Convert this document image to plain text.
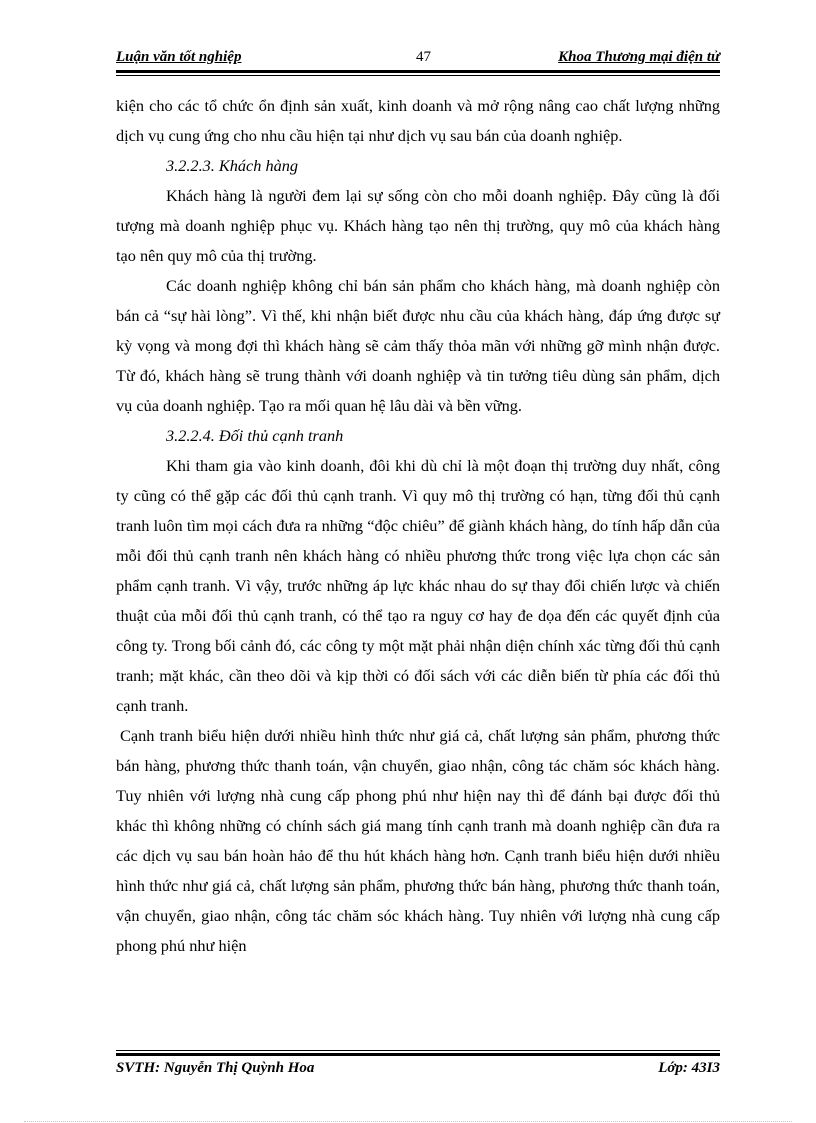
Luận văn tốt nghiệp	47	Khoa Thương mại điện tử

kiện cho các tổ chức ổn định sản xuất, kinh doanh và mở rộng nâng cao chất lượng những dịch vụ cung ứng cho nhu cầu hiện tại như dịch vụ sau bán của doanh nghiệp.

3.2.2.3. Khách hàng

Khách hàng là người đem lại sự sống còn cho mỗi doanh nghiệp. Đây cũng là đối tượng mà doanh nghiệp phục vụ. Khách hàng tạo nên thị trường, quy mô của khách hàng tạo nên quy mô của thị trường.

Các doanh nghiệp không chỉ bán sản phẩm cho khách hàng, mà doanh nghiệp còn bán cả “sự hài lòng”. Vì thế, khi nhận biết được nhu cầu của khách hàng, đáp ứng được sự kỳ vọng và mong đợi thì khách hàng sẽ cảm thấy thỏa mãn với những gỡ mình nhận được. Từ đó, khách hàng sẽ trung thành với doanh nghiệp và tin tưởng tiêu dùng sản phẩm, dịch vụ của doanh nghiệp. Tạo ra mối quan hệ lâu dài và bền vững.

3.2.2.4. Đối thủ cạnh tranh

Khi tham gia vào kinh doanh, đôi khi dù chỉ là một đoạn thị trường duy nhất, công ty cũng có thể gặp các đối thủ cạnh tranh. Vì quy mô thị trường có hạn, từng đối thủ cạnh tranh luôn tìm mọi cách đưa ra những “độc chiêu” để giành khách hàng, do tính hấp dẫn của mỗi đối thủ cạnh tranh nên khách hàng có nhiều phương thức trong việc lựa chọn các sản phẩm cạnh tranh. Vì vậy, trước những áp lực khác nhau do sự thay đổi chiến lược và chiến thuật của mỗi đối thủ cạnh tranh, có thể tạo ra nguy cơ hay đe dọa đến các quyết định của công ty. Trong bối cảnh đó, các công ty một mặt phải nhận diện chính xác từng đối thủ cạnh tranh; mặt khác, cần theo dõi và kịp thời có đối sách với các diễn biến từ phía các đối thủ cạnh tranh.

Cạnh tranh biểu hiện dưới nhiều hình thức như giá cả, chất lượng sản phẩm, phương thức bán hàng, phương thức thanh toán, vận chuyển, giao nhận, công tác chăm sóc khách hàng. Tuy nhiên với lượng nhà cung cấp phong phú như hiện nay thì để đánh bại được đối thủ khác thì không những có chính sách giá mang tính cạnh tranh mà doanh nghiệp cần đưa ra các dịch vụ sau bán hoàn hảo để thu hút khách hàng hơn. Cạnh tranh biểu hiện dưới nhiều hình thức như giá cả, chất lượng sản phẩm, phương thức bán hàng, phương thức thanh toán, vận chuyển, giao nhận, công tác chăm sóc khách hàng. Tuy nhiên với lượng nhà cung cấp phong phú như hiện

SVTH: Nguyễn Thị Quỳnh Hoa	Lớp: 43I3
